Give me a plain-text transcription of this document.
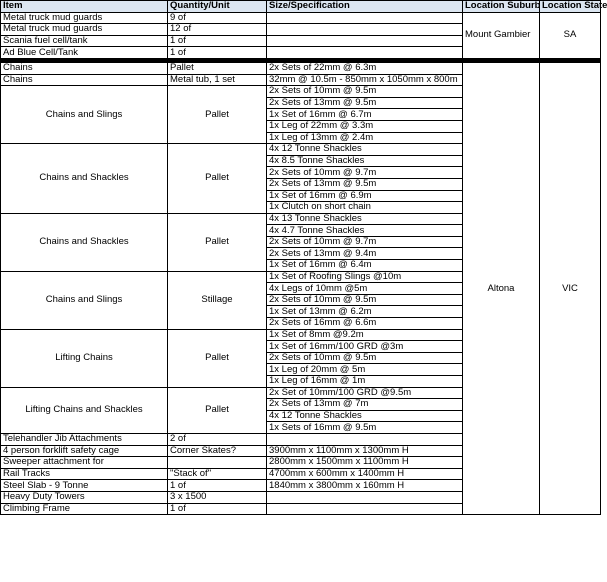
Item	Quantity/Unit	Size/Specification	Location Suburb	Location State
Metal truck mud guards	9 of		Mount Gambier	SA
Metal truck mud guards	12 of			
Scania fuel cell/tank	1 of			
Ad Blue Cell/Tank	1 of			

Chains	Pallet	2x Sets of 22mm @ 6.3m	Altona	VIC
Chains	Metal tub, 1 set	32mm @ 10.5m - 850mm x 1050mm x 800m		
Chains and Slings	Pallet	2x Sets of 10mm @ 9.5m		
		2x Sets of 13mm @ 9.5m		
		1x Set of 16mm @ 6.7m		
		1x Leg of 22mm @ 3.3m		
		1x Leg of 13mm @ 2.4m		
Chains and Shackles	Pallet	4x 12 Tonne Shackles		
		4x 8.5 Tonne Shackles		
		2x Sets of 10mm @ 9.7m		
		2x Sets of 13mm @ 9.5m		
		1x Set of 16mm @ 6.9m		
		1x Clutch on short chain		
Chains and Shackles	Pallet	4x 13 Tonne Shackles		
		4x 4.7 Tonne Shackles		
		2x Sets of 10mm @ 9.7m		
		2x Sets of 13mm @ 9.4m		
		1x Set of 16mm @ 6.4m		
Chains and Slings	Stillage	1x Set of Roofing Slings @10m		
		4x Legs of 10mm @5m		
		2x Sets of 10mm @ 9.5m		
		1x Set of 13mm @ 6.2m		
		2x Sets of 16mm @ 6.6m		
Lifting Chains	Pallet	1x Set of 8mm @9.2m		
		1x Set of 16mm/100 GRD @3m		
		2x Sets of 10mm @ 9.5m		
		1x Leg of 20mm @ 5m		
		1x Leg of 16mm @ 1m		
Lifting Chains and Shackles	Pallet	2x Set of 10mm/100 GRD @9.5m		
		2x Sets of 13mm @ 7m		
		4x 12 Tonne Shackles		
		1x Sets of 16mm @ 9.5m		
Telehandler Jib Attachments	2 of			
4 person forklift safety cage	Corner Skates?	3900mm x 1100mm x 1300mm H		
Sweeper attachment for		2800mm x 1500mm x 1100mm H		
Rail Tracks	"Stack of"	4700mm x 600mm x 1400mm H		
Steel Slab - 9 Tonne	1 of	1840mm x 3800mm x 160mm H		
Heavy Duty Towers	3 x 1500			
Climbing Frame	1 of			
